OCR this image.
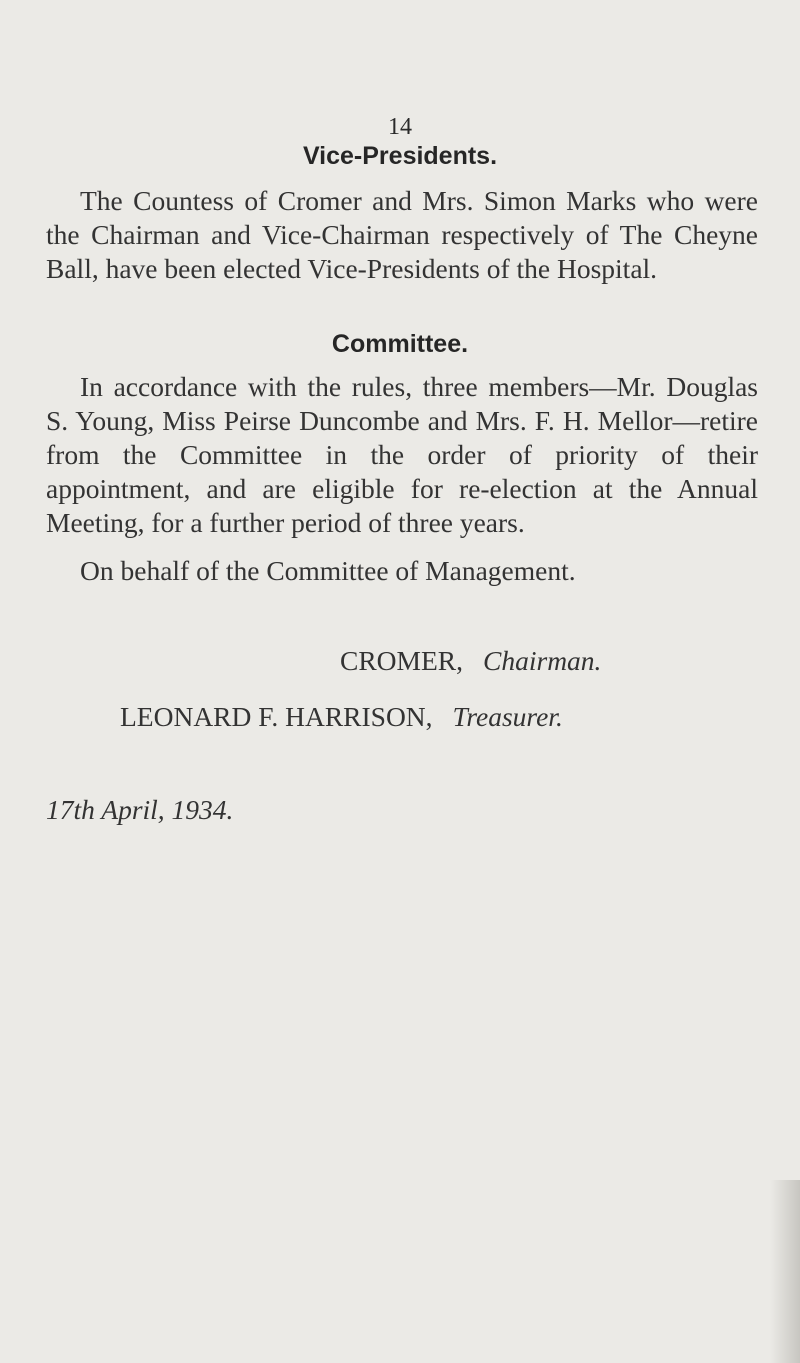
14
Vice-Presidents.

The Countess of Cromer and Mrs. Simon Marks who were the Chairman and Vice-Chairman respectively of The Cheyne Ball, have been elected Vice-Presidents of the Hospital.

Committee.

In accordance with the rules, three members—Mr. Douglas S. Young, Miss Peirse Duncombe and Mrs. F. H. Mellor—retire from the Committee in the order of priority of their appointment, and are eligible for re-election at the Annual Meeting, for a further period of three years.

On behalf of the Committee of Management.
CROMER, Chairman.
LEONARD F. HARRISON, Treasurer.
17th April, 1934.
